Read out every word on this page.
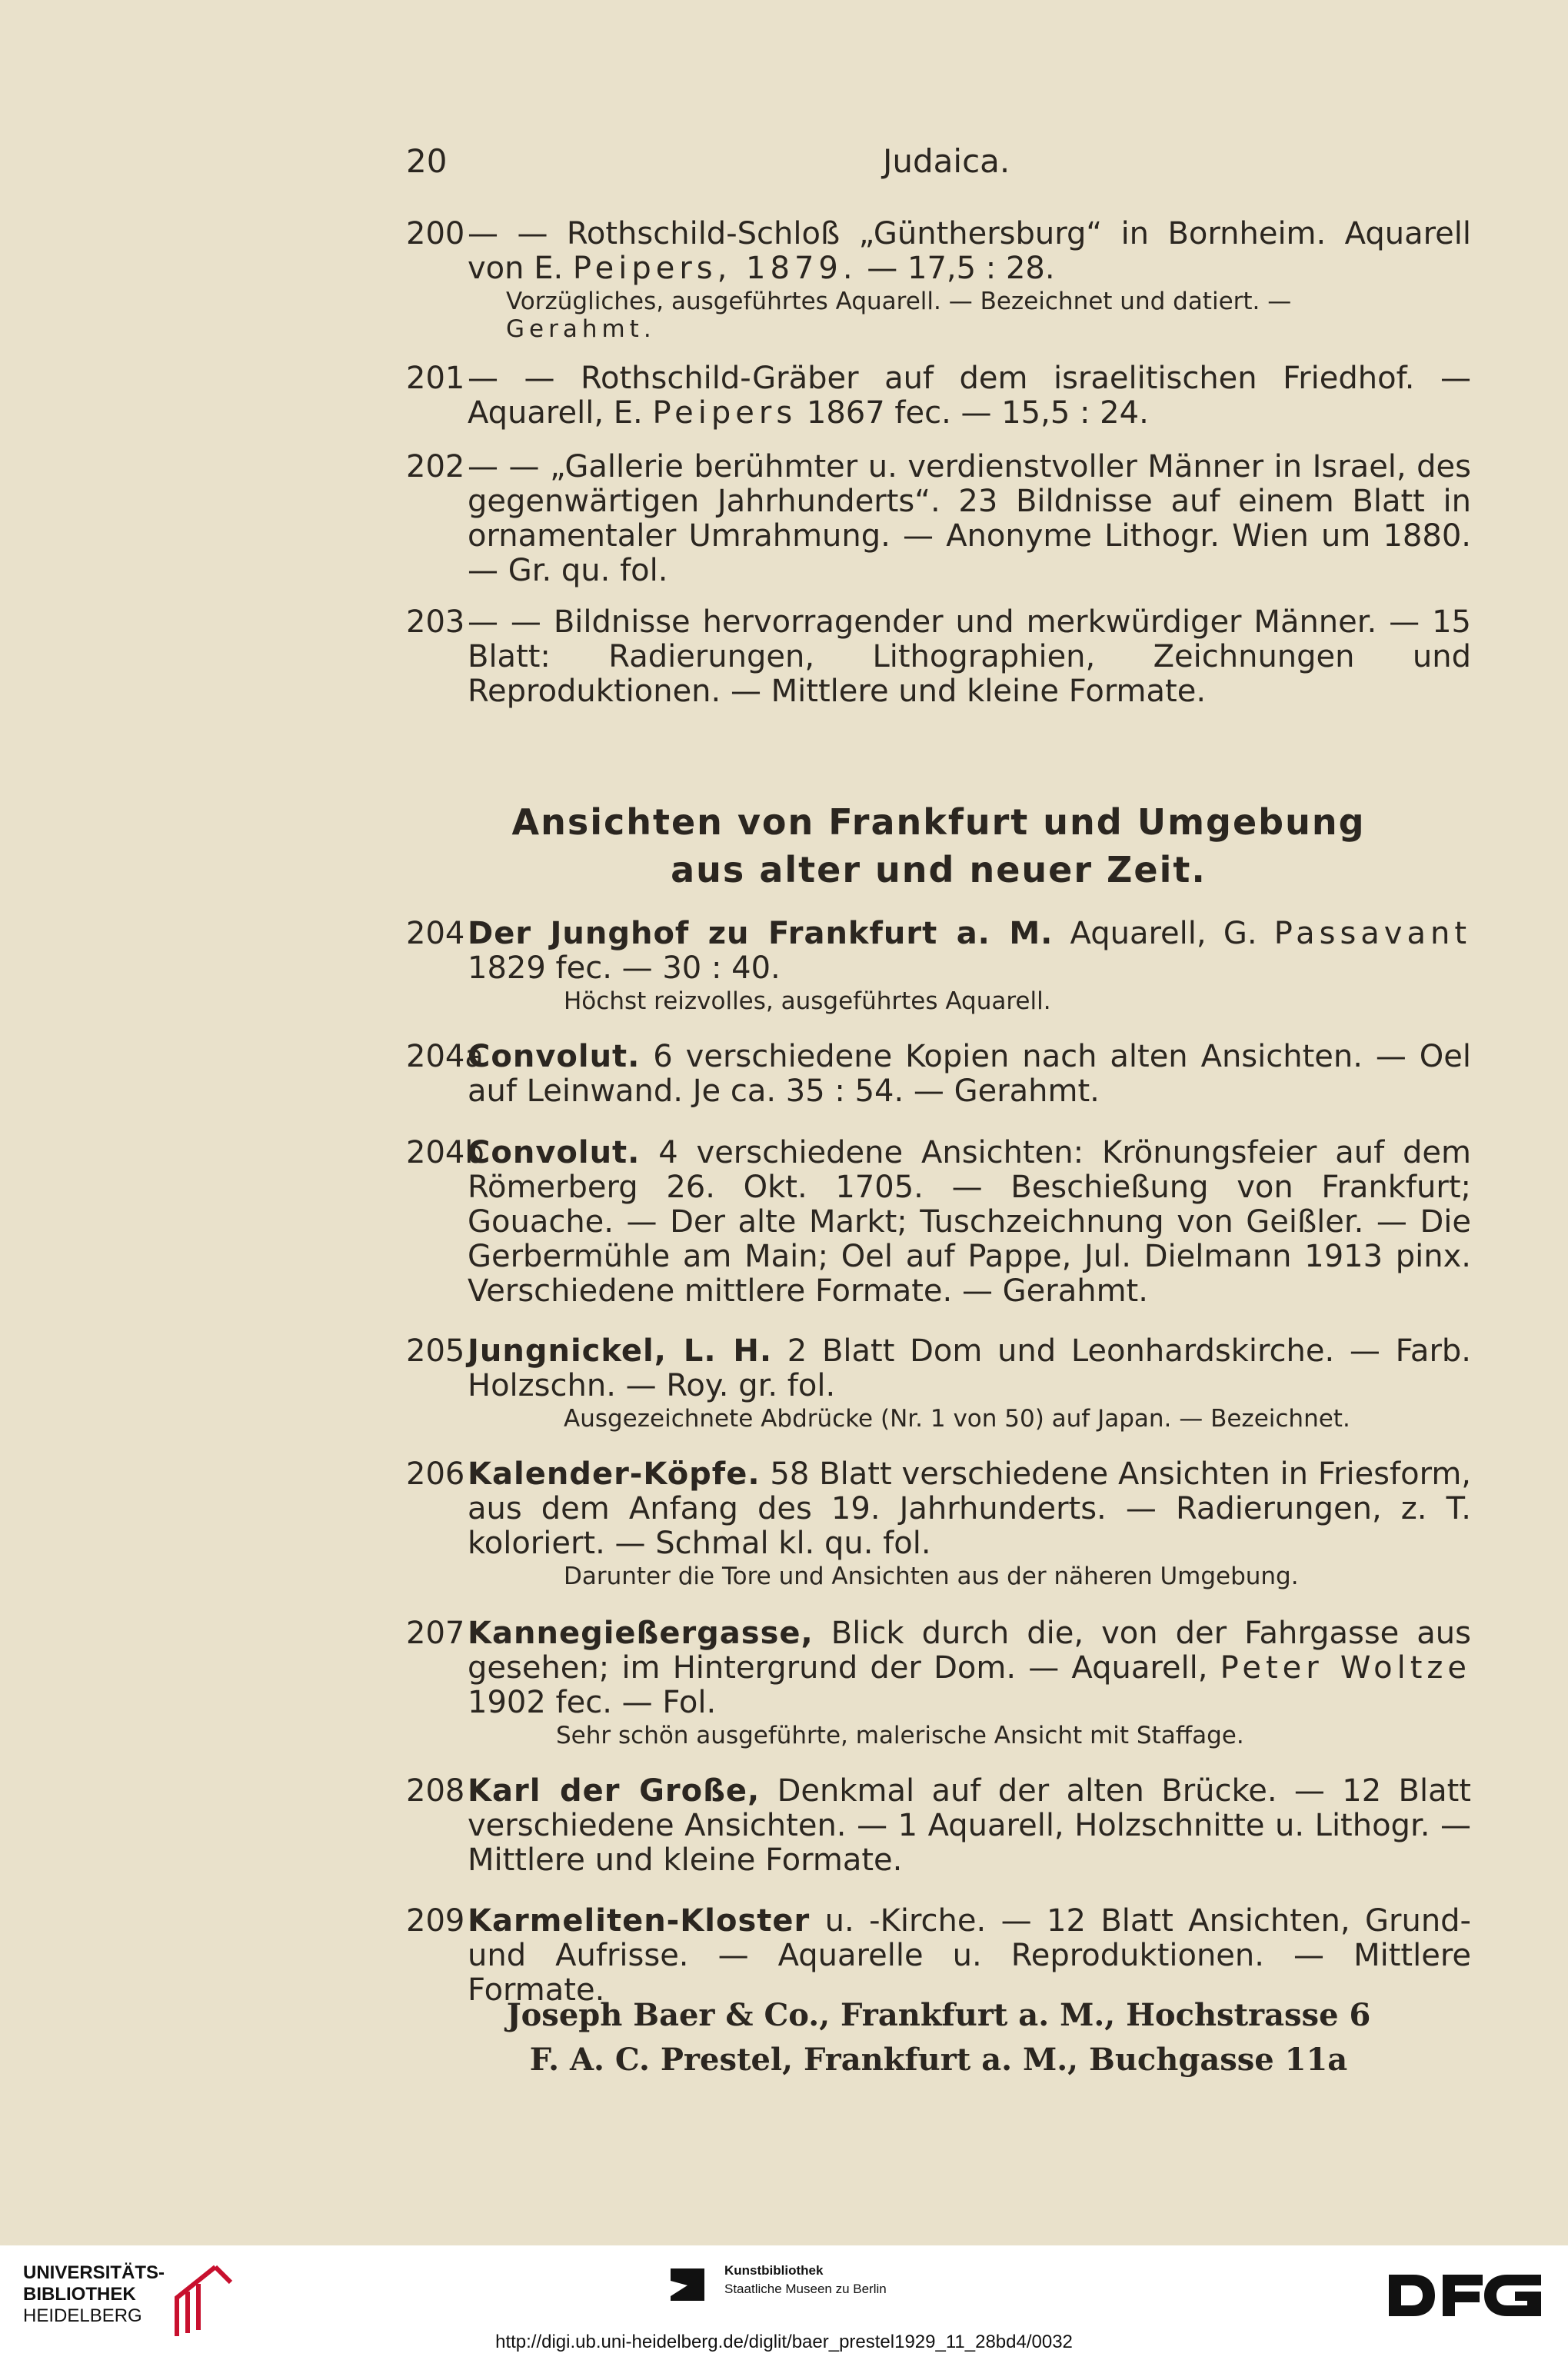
20	Judaica.
200 — — Rothschild-Schloß „Günthersburg“ in Bornheim. Aquarell von E. Peipers, 1879. — 17,5 : 28.
Vorzügliches, ausgeführtes Aquarell. — Bezeichnet und datiert. —
Gerahmt.
201 — — Rothschild-Gräber auf dem israelitischen Friedhof. — Aquarell, E. Peipers 1867 fec. — 15,5 : 24.
202 — — „Gallerie berühmter u. verdienstvoller Männer in Israel, des gegenwärtigen Jahrhunderts“. 23 Bildnisse auf einem Blatt in ornamentaler Umrahmung. — Anonyme Lithogr. Wien um 1880. — Gr. qu. fol.
203 — — Bildnisse hervorragender und merkwürdiger Männer. — 15 Blatt: Radierungen, Lithographien, Zeichnungen und Reproduktionen. — Mittlere und kleine Formate.
Ansichten von Frankfurt und Umgebung
aus alter und neuer Zeit.
204 Der Junghof zu Frankfurt a. M. Aquarell, G. Passavant 1829 fec. — 30 : 40.
Höchst reizvolles, ausgeführtes Aquarell.
204a
Convolut. 6 verschiedene Kopien nach alten Ansichten. — Oel auf Leinwand. Je ca. 35 : 54. — Gerahmt.
204b
Convolut. 4 verschiedene Ansichten: Krönungsfeier auf dem Römerberg 26. Okt. 1705. — Beschießung von Frankfurt; Gouache. — Der alte Markt; Tuschzeichnung von Geißler. — Die Gerbermühle am Main; Oel auf Pappe, Jul. Dielmann 1913 pinx. Verschiedene mittlere Formate. — Gerahmt.
205 Jungnickel, L. H. 2 Blatt Dom und Leonhardskirche. — Farb. Holzschn. — Roy. gr. fol.
Ausgezeichnete Abdrücke (Nr. 1 von 50) auf Japan. — Bezeichnet.
206 Kalender-Köpfe. 58 Blatt verschiedene Ansichten in Friesform, aus dem Anfang des 19. Jahrhunderts. — Radierungen, z. T. koloriert. — Schmal kl. qu. fol.
Darunter die Tore und Ansichten aus der näheren Umgebung.
207 Kannegießergasse, Blick durch die, von der Fahrgasse aus gesehen; im Hintergrund der Dom. — Aquarell, Peter Woltze 1902 fec. — Fol.
Sehr schön ausgeführte, malerische Ansicht mit Staffage.
208 Karl der Große, Denkmal auf der alten Brücke. — 12 Blatt verschiedene Ansichten. — 1 Aquarell, Holzschnitte u. Lithogr. — Mittlere und kleine Formate.
209 Karmeliten-Kloster u. -Kirche. — 12 Blatt Ansichten, Grund- und Aufrisse. — Aquarelle u. Reproduktionen. — Mittlere Formate.
Joseph Baer & Co., Frankfurt a. M., Hochstrasse 6
F. A. C. Prestel, Frankfurt a. M., Buchgasse 11a
UNIVERSITÄTS-
BIBLIOTHEK
HEIDELBERG
Kunstbibliothek
Staatliche Museen zu Berlin
http://digi.ub.uni-heidelberg.de/diglit/baer_prestel1929_11_28bd4/0032
